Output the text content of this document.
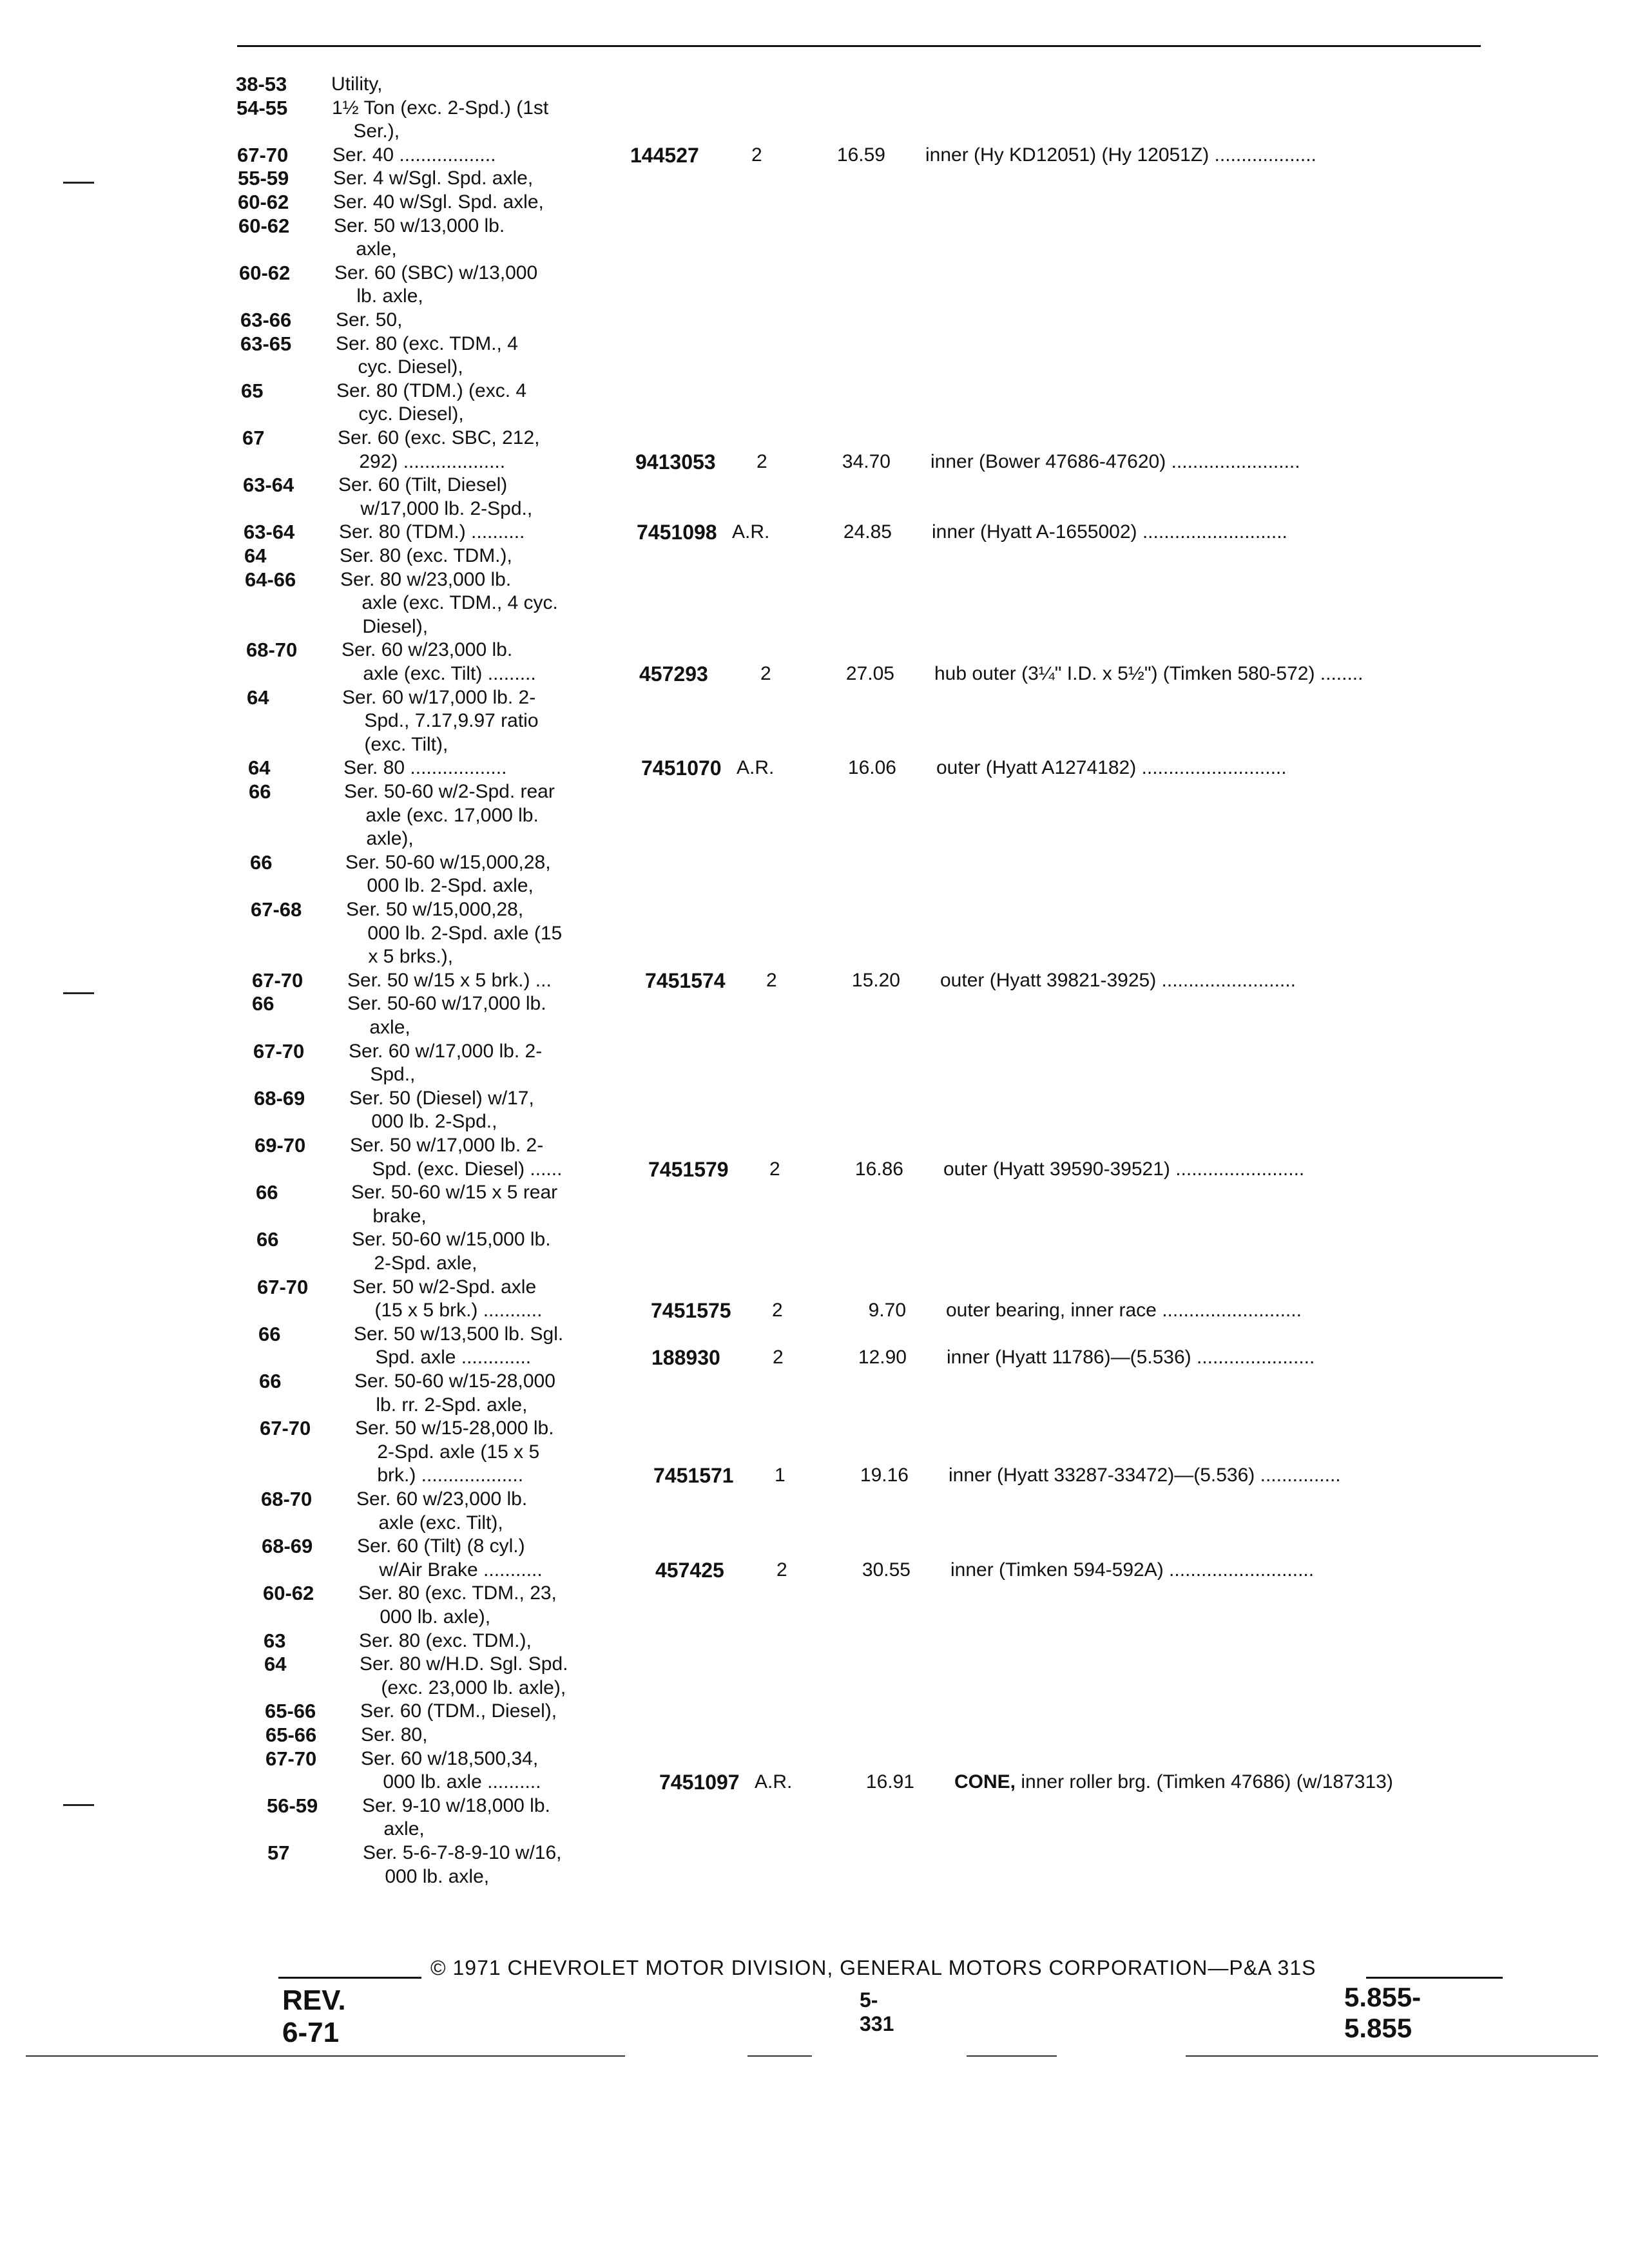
38-53	Utility,
54-55	1½ Ton (exc. 2-Spd.) (1st
Ser.),
67-70	Ser. 40 ..................	144527	2	16.59 inner (Hy KD12051) (Hy 12051Z) ...................
55-59	Ser. 4 w/Sgl. Spd. axle,
60-62	Ser. 40 w/Sgl. Spd. axle,
60-62	Ser. 50 w/13,000 lb.
axle,
60-62	Ser. 60 (SBC) w/13,000
lb. axle,
63-66	Ser. 50,
63-65	Ser. 80 (exc. TDM., 4
cyc. Diesel),
65	Ser. 80 (TDM.) (exc. 4
cyc. Diesel),
67	Ser. 60 (exc. SBC, 212,
292) ...................	9413053 2	34.70 inner (Bower 47686-47620) ........................
63-64	Ser. 60 (Tilt, Diesel)
w/17,000 lb. 2-Spd.,
63-64	Ser. 80 (TDM.) ..........	7451098 A.R.	24.85 inner (Hyatt A-1655002) ...........................
64	Ser. 80 (exc. TDM.),
64-66	Ser. 80 w/23,000 lb.
axle (exc. TDM., 4 cyc.
Diesel),
68-70	Ser. 60 w/23,000 lb.
axle (exc. Tilt) .........	457293	2	27.05 hub outer (3¼" I.D. x 5½") (Timken 580-572) ........
64	Ser. 60 w/17,000 lb. 2-
Spd., 7.17,9.97 ratio
(exc. Tilt),
64	Ser. 80 ..................	7451070 A.R.	16.06 outer (Hyatt A1274182) ...........................
66	Ser. 50-60 w/2-Spd. rear
axle (exc. 17,000 lb.
axle),
66	Ser. 50-60 w/15,000,28,
000 lb. 2-Spd. axle,
67-68	Ser. 50 w/15,000,28,
000 lb. 2-Spd. axle (15
x 5 brks.),
67-70	Ser. 50 w/15 x 5 brk.) ...	7451574 2	15.20 outer (Hyatt 39821-3925) .........................
66	Ser. 50-60 w/17,000 lb.
axle,
67-70	Ser. 60 w/17,000 lb. 2-
Spd.,
68-69	Ser. 50 (Diesel) w/17,
000 lb. 2-Spd.,
69-70	Ser. 50 w/17,000 lb. 2-
Spd. (exc. Diesel) ......	7451579 2	16.86 outer (Hyatt 39590-39521) ........................
66	Ser. 50-60 w/15 x 5 rear
brake,
66	Ser. 50-60 w/15,000 lb.
2-Spd. axle,
67-70	Ser. 50 w/2-Spd. axle
(15 x 5 brk.) ...........	7451575 2	9.70 outer bearing, inner race ..........................
66	Ser. 50 w/13,500 lb. Sgl.
Spd. axle .............	188930	2	12.90 inner (Hyatt 11786)—(5.536) ......................
66	Ser. 50-60 w/15-28,000
lb. rr. 2-Spd. axle,
67-70	Ser. 50 w/15-28,000 lb.
2-Spd. axle (15 x 5
brk.) ...................	7451571 1	19.16 inner (Hyatt 33287-33472)—(5.536) ...............
68-70	Ser. 60 w/23,000 lb.
axle (exc. Tilt),
68-69	Ser. 60 (Tilt) (8 cyl.)
w/Air Brake ...........	457425	2	30.55 inner (Timken 594-592A) ...........................
60-62	Ser. 80 (exc. TDM., 23,
000 lb. axle),
63	Ser. 80 (exc. TDM.),
64	Ser. 80 w/H.D. Sgl. Spd.
(exc. 23,000 lb. axle),
65-66	Ser. 60 (TDM., Diesel),
65-66	Ser. 80,
67-70	Ser. 60 w/18,500,34,
000 lb. axle ..........	7451097 A.R.	16.91 CONE, inner roller brg. (Timken 47686) (w/187313)
56-59	Ser. 9-10 w/18,000 lb.
axle,
57	Ser. 5-6-7-8-9-10 w/16,
000 lb. axle,
© 1971 CHEVROLET MOTOR DIVISION, GENERAL MOTORS CORPORATION—P&A 31S
REV. 6-71
5-331
5.855-5.855
